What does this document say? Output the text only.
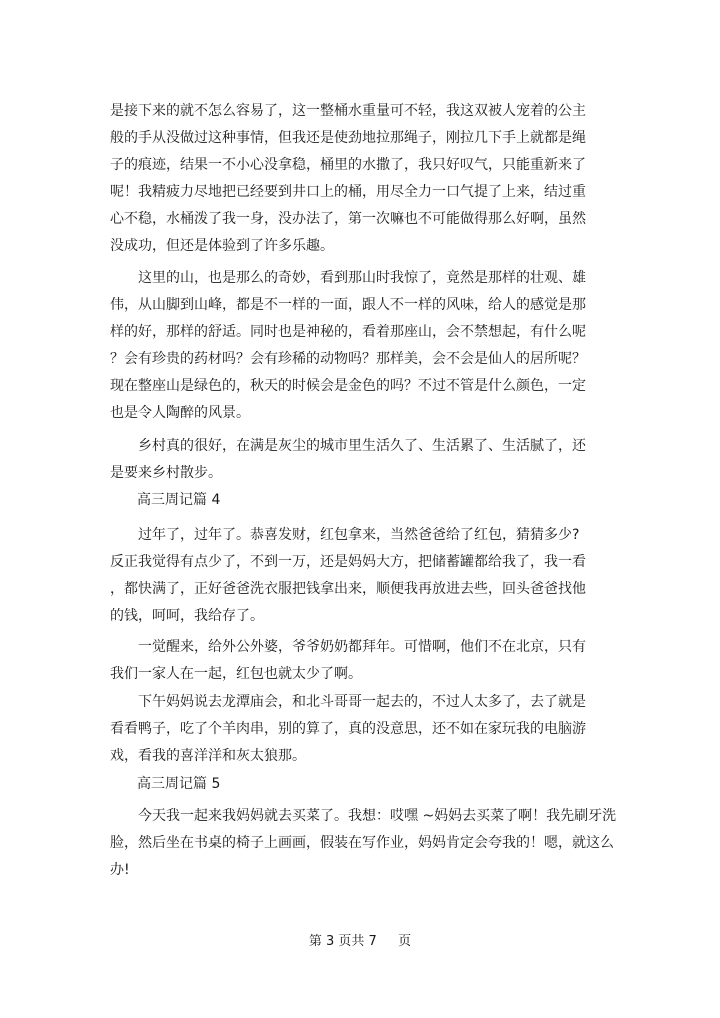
是接下来的就不怎么容易了，这一整桶水重量可不轻，我这双被人宠着的公主
般的手从没做过这种事情，但我还是使劲地拉那绳子，刚拉几下手上就都是绳
子的痕迹，结果一不小心没拿稳，桶里的水撒了，我只好叹气，只能重新来了
呢！我精疲力尽地把已经要到井口上的桶，用尽全力一口气提了上来，结过重
心不稳，水桶泼了我一身，没办法了，第一次嘛也不可能做得那么好啊，虽然
没成功，但还是体验到了许多乐趣。
　　这里的山，也是那么的奇妙，看到那山时我惊了，竟然是那样的壮观、雄
伟，从山脚到山峰，都是不一样的一面，跟人不一样的风味，给人的感觉是那
样的好，那样的舒适。同时也是神秘的，看着那座山，会不禁想起，有什么呢
？会有珍贵的药材吗？会有珍稀的动物吗？那样美，会不会是仙人的居所呢？
现在整座山是绿色的，秋天的时候会是金色的吗？不过不管是什么颜色，一定
也是令人陶醉的风景。
　　乡村真的很好，在满是灰尘的城市里生活久了、生活累了、生活腻了，还
是要来乡村散步。
高三周记篇 4
　　过年了，过年了。恭喜发财，红包拿来，当然爸爸给了红包，猜猜多少?
反正我觉得有点少了，不到一万，还是妈妈大方，把储蓄罐都给我了，我一看
，都快满了，正好爸爸洗衣服把钱拿出来，顺便我再放进去些，回头爸爸找他
的钱，呵呵，我给存了。
　　一觉醒来，给外公外婆，爷爷奶奶都拜年。可惜啊，他们不在北京，只有
我们一家人在一起，红包也就太少了啊。
　　下午妈妈说去龙潭庙会，和北斗哥哥一起去的，不过人太多了，去了就是
看看鸭子，吃了个羊肉串，别的算了，真的没意思，还不如在家玩我的电脑游
戏，看我的喜洋洋和灰太狼那。
高三周记篇 5
　　今天我一起来我妈妈就去买菜了。我想：哎嘿 ~妈妈去买菜了啊！我先刷牙洗
脸，然后坐在书桌的椅子上画画，假装在写作业，妈妈肯定会夸我的！嗯，就这么
办!
第 3 页共 7　  页
